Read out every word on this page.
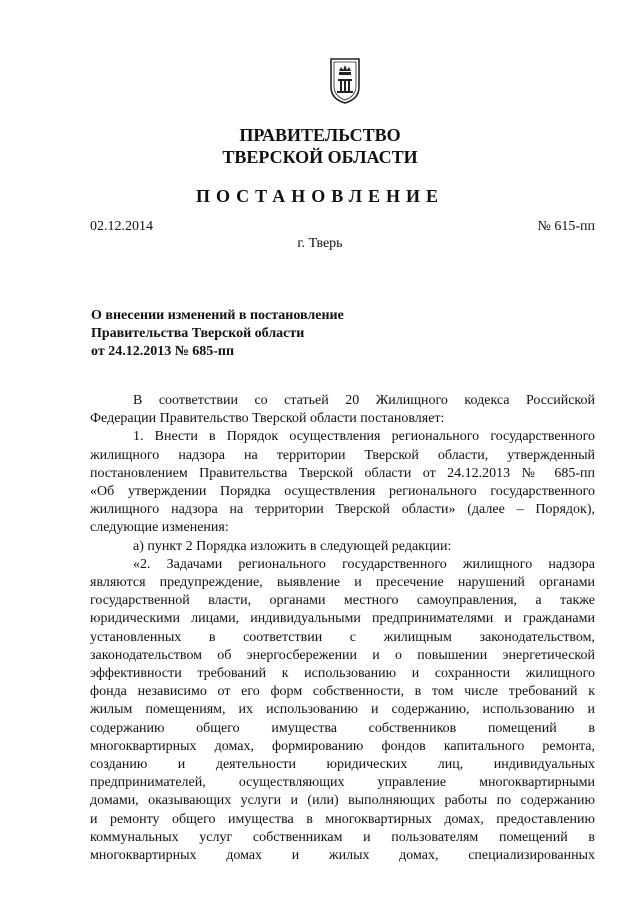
ПРАВИТЕЛЬСТВО
ТВЕРСКОЙ ОБЛАСТИ
ПОСТАНОВЛЕНИЕ
02.12.2014	№ 615-пп
г. Тверь
О внесении изменений в постановление
Правительства Тверской области
от 24.12.2013 № 685-пп
В соответствии со статьей 20 Жилищного кодекса Российской
Федерации Правительство Тверской области постановляет:
1. Внести в Порядок осуществления регионального государственного
жилищного надзора на территории Тверской области, утвержденный
постановлением Правительства Тверской области от 24.12.2013 № 685-пп
«Об утверждении Порядка осуществления регионального государственного
жилищного надзора на территории Тверской области» (далее – Порядок),
следующие изменения:
а) пункт 2 Порядка изложить в следующей редакции:
«2. Задачами регионального государственного жилищного надзора
являются предупреждение, выявление и пресечение нарушений органами
государственной власти, органами местного самоуправления, а также
юридическими лицами, индивидуальными предпринимателями и гражданами
установленных в соответствии с жилищным законодательством,
законодательством об энергосбережении и о повышении энергетической
эффективности требований к использованию и сохранности жилищного
фонда независимо от его форм собственности, в том числе требований к
жилым помещениям, их использованию и содержанию, использованию и
содержанию общего имущества собственников помещений в
многоквартирных домах, формированию фондов капитального ремонта,
созданию и деятельности юридических лиц, индивидуальных
предпринимателей, осуществляющих управление многоквартирными
домами, оказывающих услуги и (или) выполняющих работы по содержанию
и ремонту общего имущества в многоквартирных домах, предоставлению
коммунальных услуг собственникам и пользователям помещений в
многоквартирных домах и жилых домах, специализированных
